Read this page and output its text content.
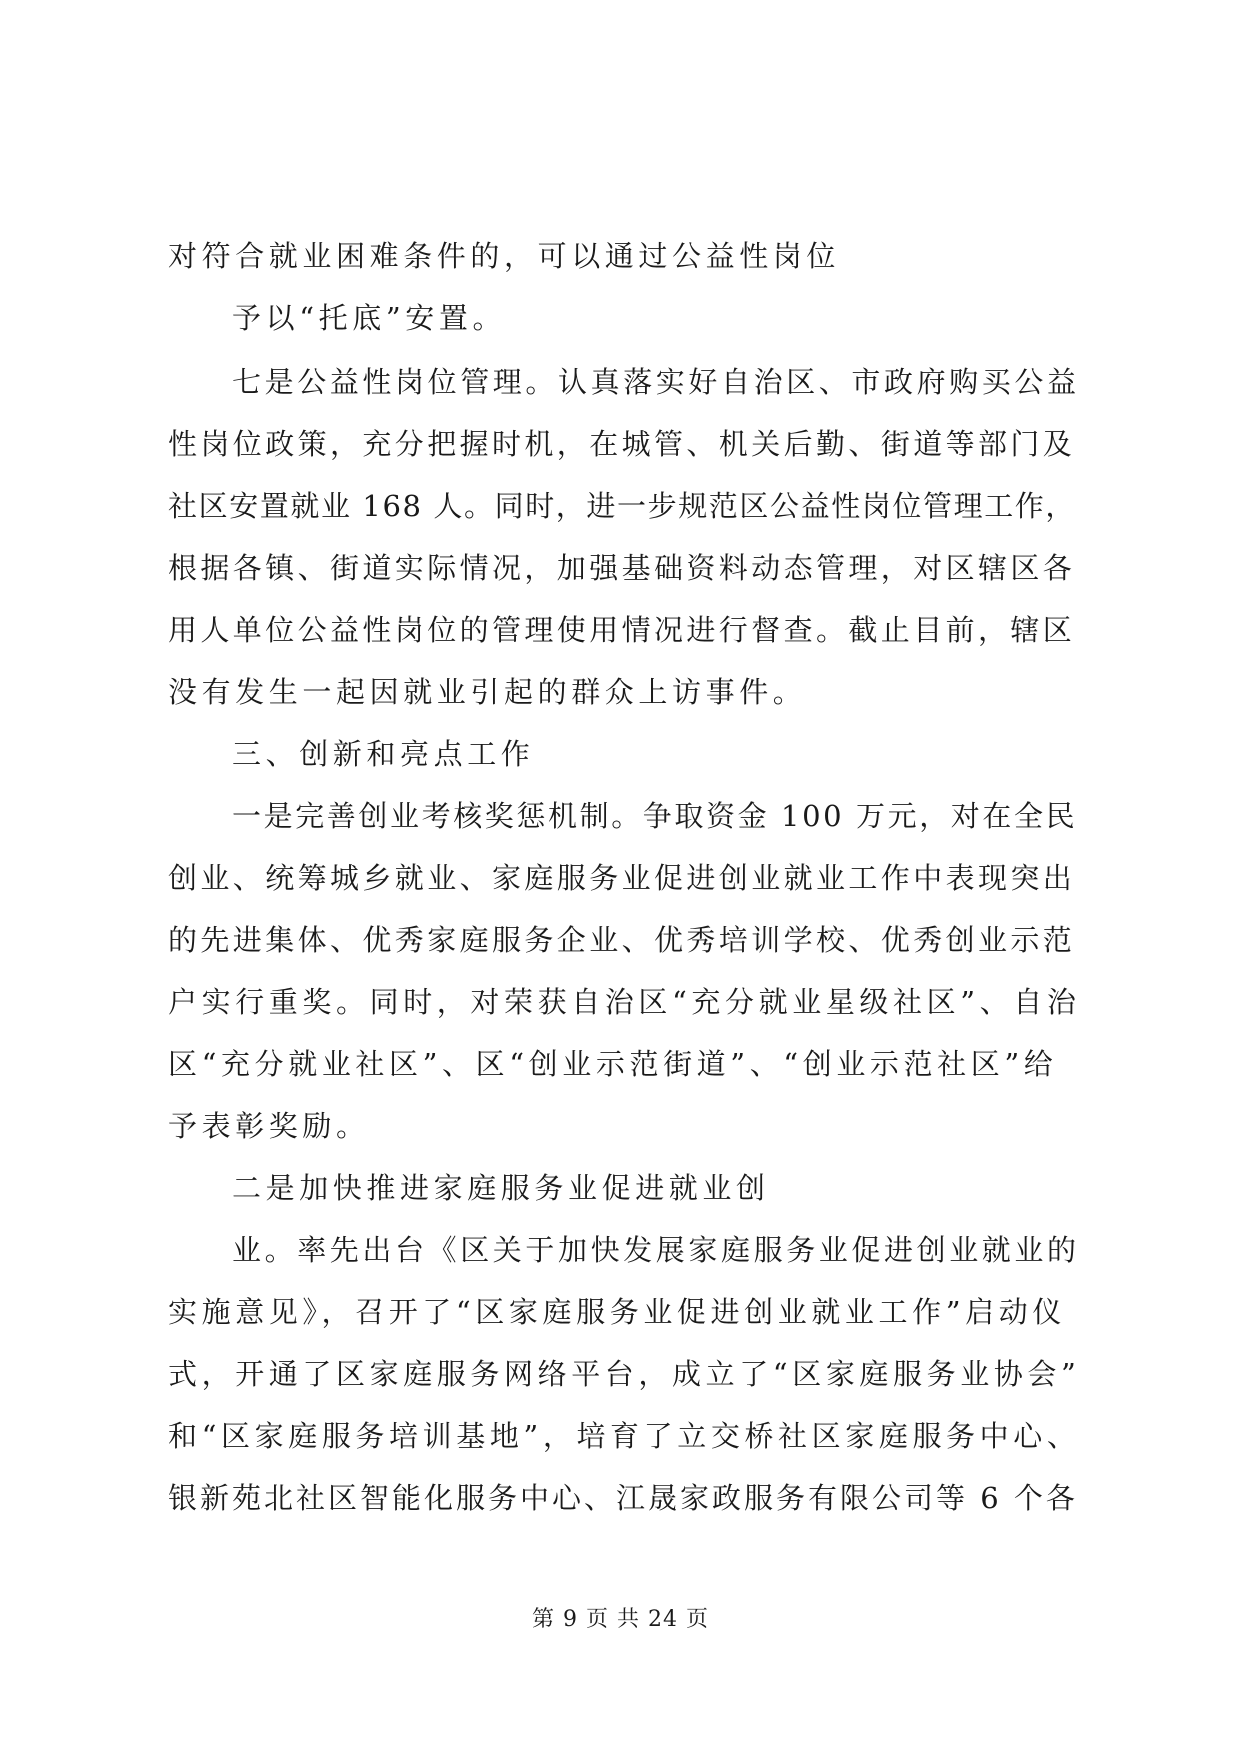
对符合就业困难条件的，可以通过公益性岗位
予以“托底”安置。
七是公益性岗位管理。认真落实好自治区、市政府购买公益
性岗位政策，充分把握时机，在城管、机关后勤、街道等部门及
社区安置就业 168 人。同时，进一步规范区公益性岗位管理工作，
根据各镇、街道实际情况，加强基础资料动态管理，对区辖区各
用人单位公益性岗位的管理使用情况进行督查。截止目前，辖区
没有发生一起因就业引起的群众上访事件。
三、创新和亮点工作
一是完善创业考核奖惩机制。争取资金 100 万元，对在全民
创业、统筹城乡就业、家庭服务业促进创业就业工作中表现突出
的先进集体、优秀家庭服务企业、优秀培训学校、优秀创业示范
户实行重奖。同时，对荣获自治区“充分就业星级社区”、自治
区“充分就业社区”、区“创业示范街道”、“创业示范社区”给
予表彰奖励。
二是加快推进家庭服务业促进就业创
业。率先出台《区关于加快发展家庭服务业促进创业就业的
实施意见》，召开了“区家庭服务业促进创业就业工作”启动仪
式，开通了区家庭服务网络平台，成立了“区家庭服务业协会”
和“区家庭服务培训基地”，培育了立交桥社区家庭服务中心、
银新苑北社区智能化服务中心、江晟家政服务有限公司等 6 个各
第 9 页 共 24 页
